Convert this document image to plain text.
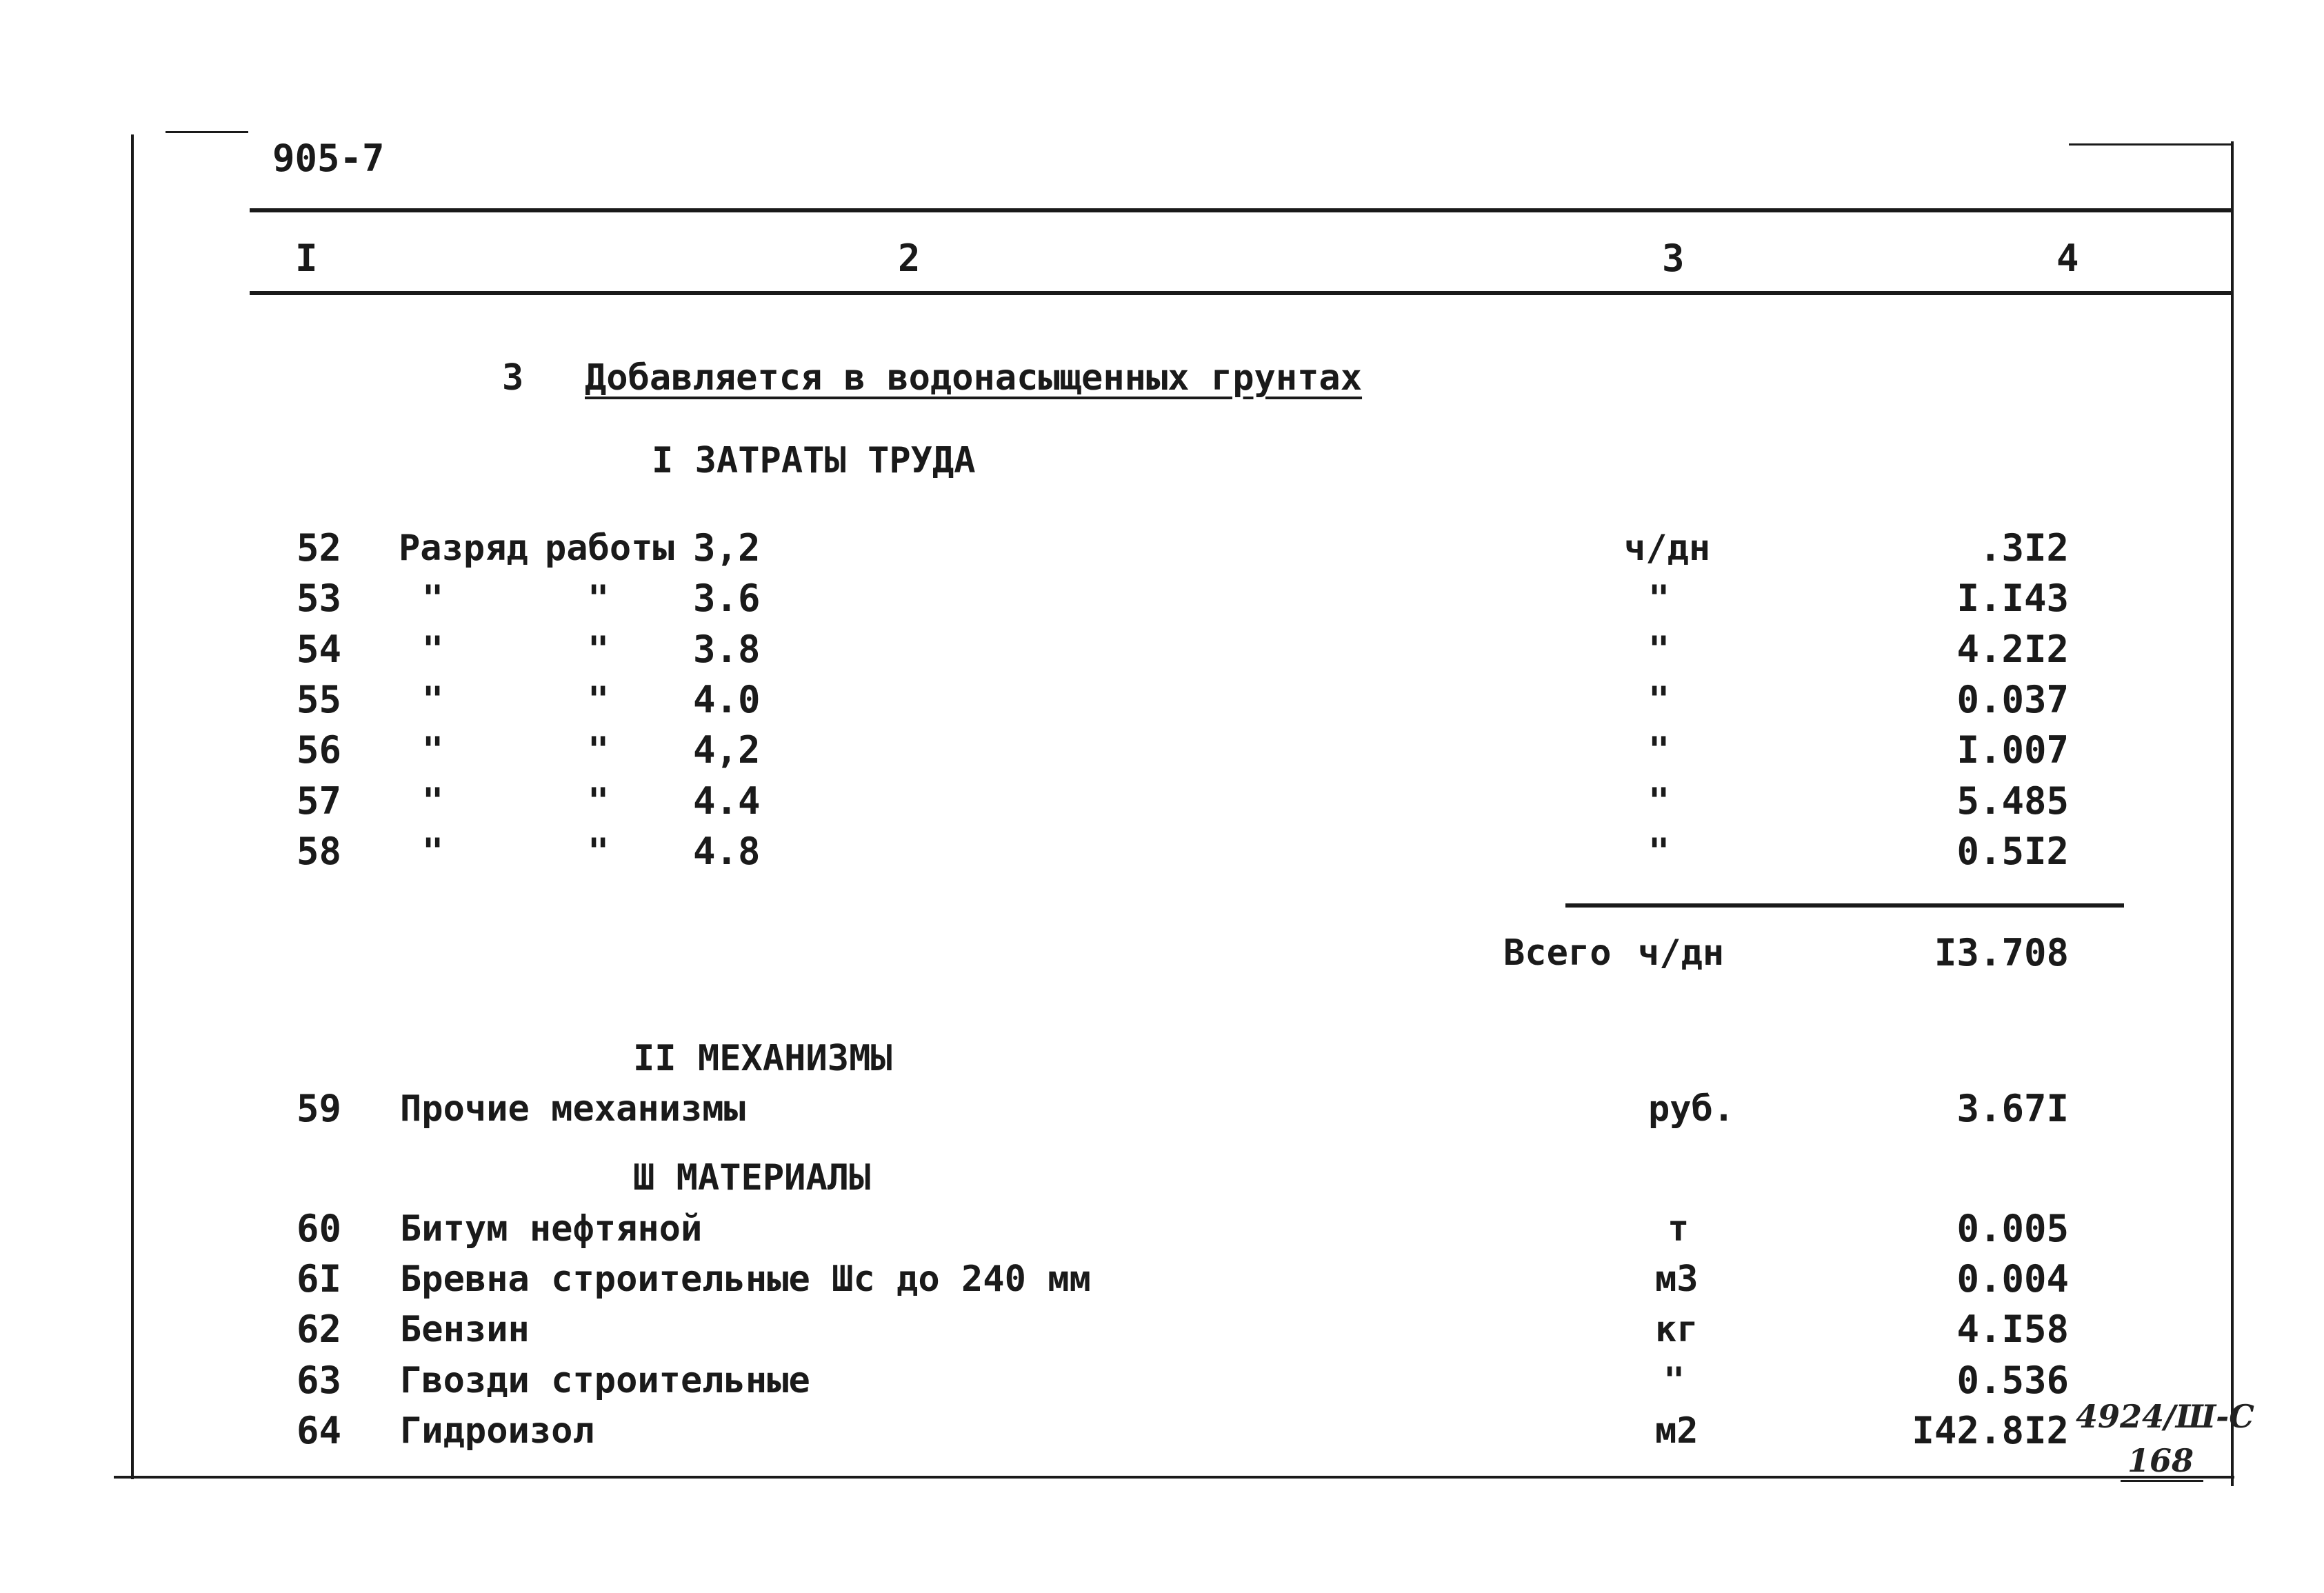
905-7
I	2	3	4
3 Добавляется в водонасыщенных грунтах
I ЗАТРАТЫ ТРУДА
52 Разряд работы 3,2	ч/дн	.3I2
53 "	" 3.6	"	I.I43
54 "	" 3.8	"	4.2I2
55 "	" 4.0	"	0.037
56 "	" 4,2	"	I.007
57 "	" 4.4	"	5.485
58 "	" 4.8	"	0.5I2
Всего ч/дн	I3.708
II МЕХАНИЗМЫ
59 Прочие механизмы	руб.	3.67I
Ш МАТЕРИАЛЫ
60 Битум нефтяной	т	0.005
6I Бревна строительные Шс до 240 мм	м3	0.004
62 Бензин	кг	4.I58
63 Гвозди строительные	"	0.536
64 Гидроизол	м2	I42.8I2 4924/Ш-С
168
